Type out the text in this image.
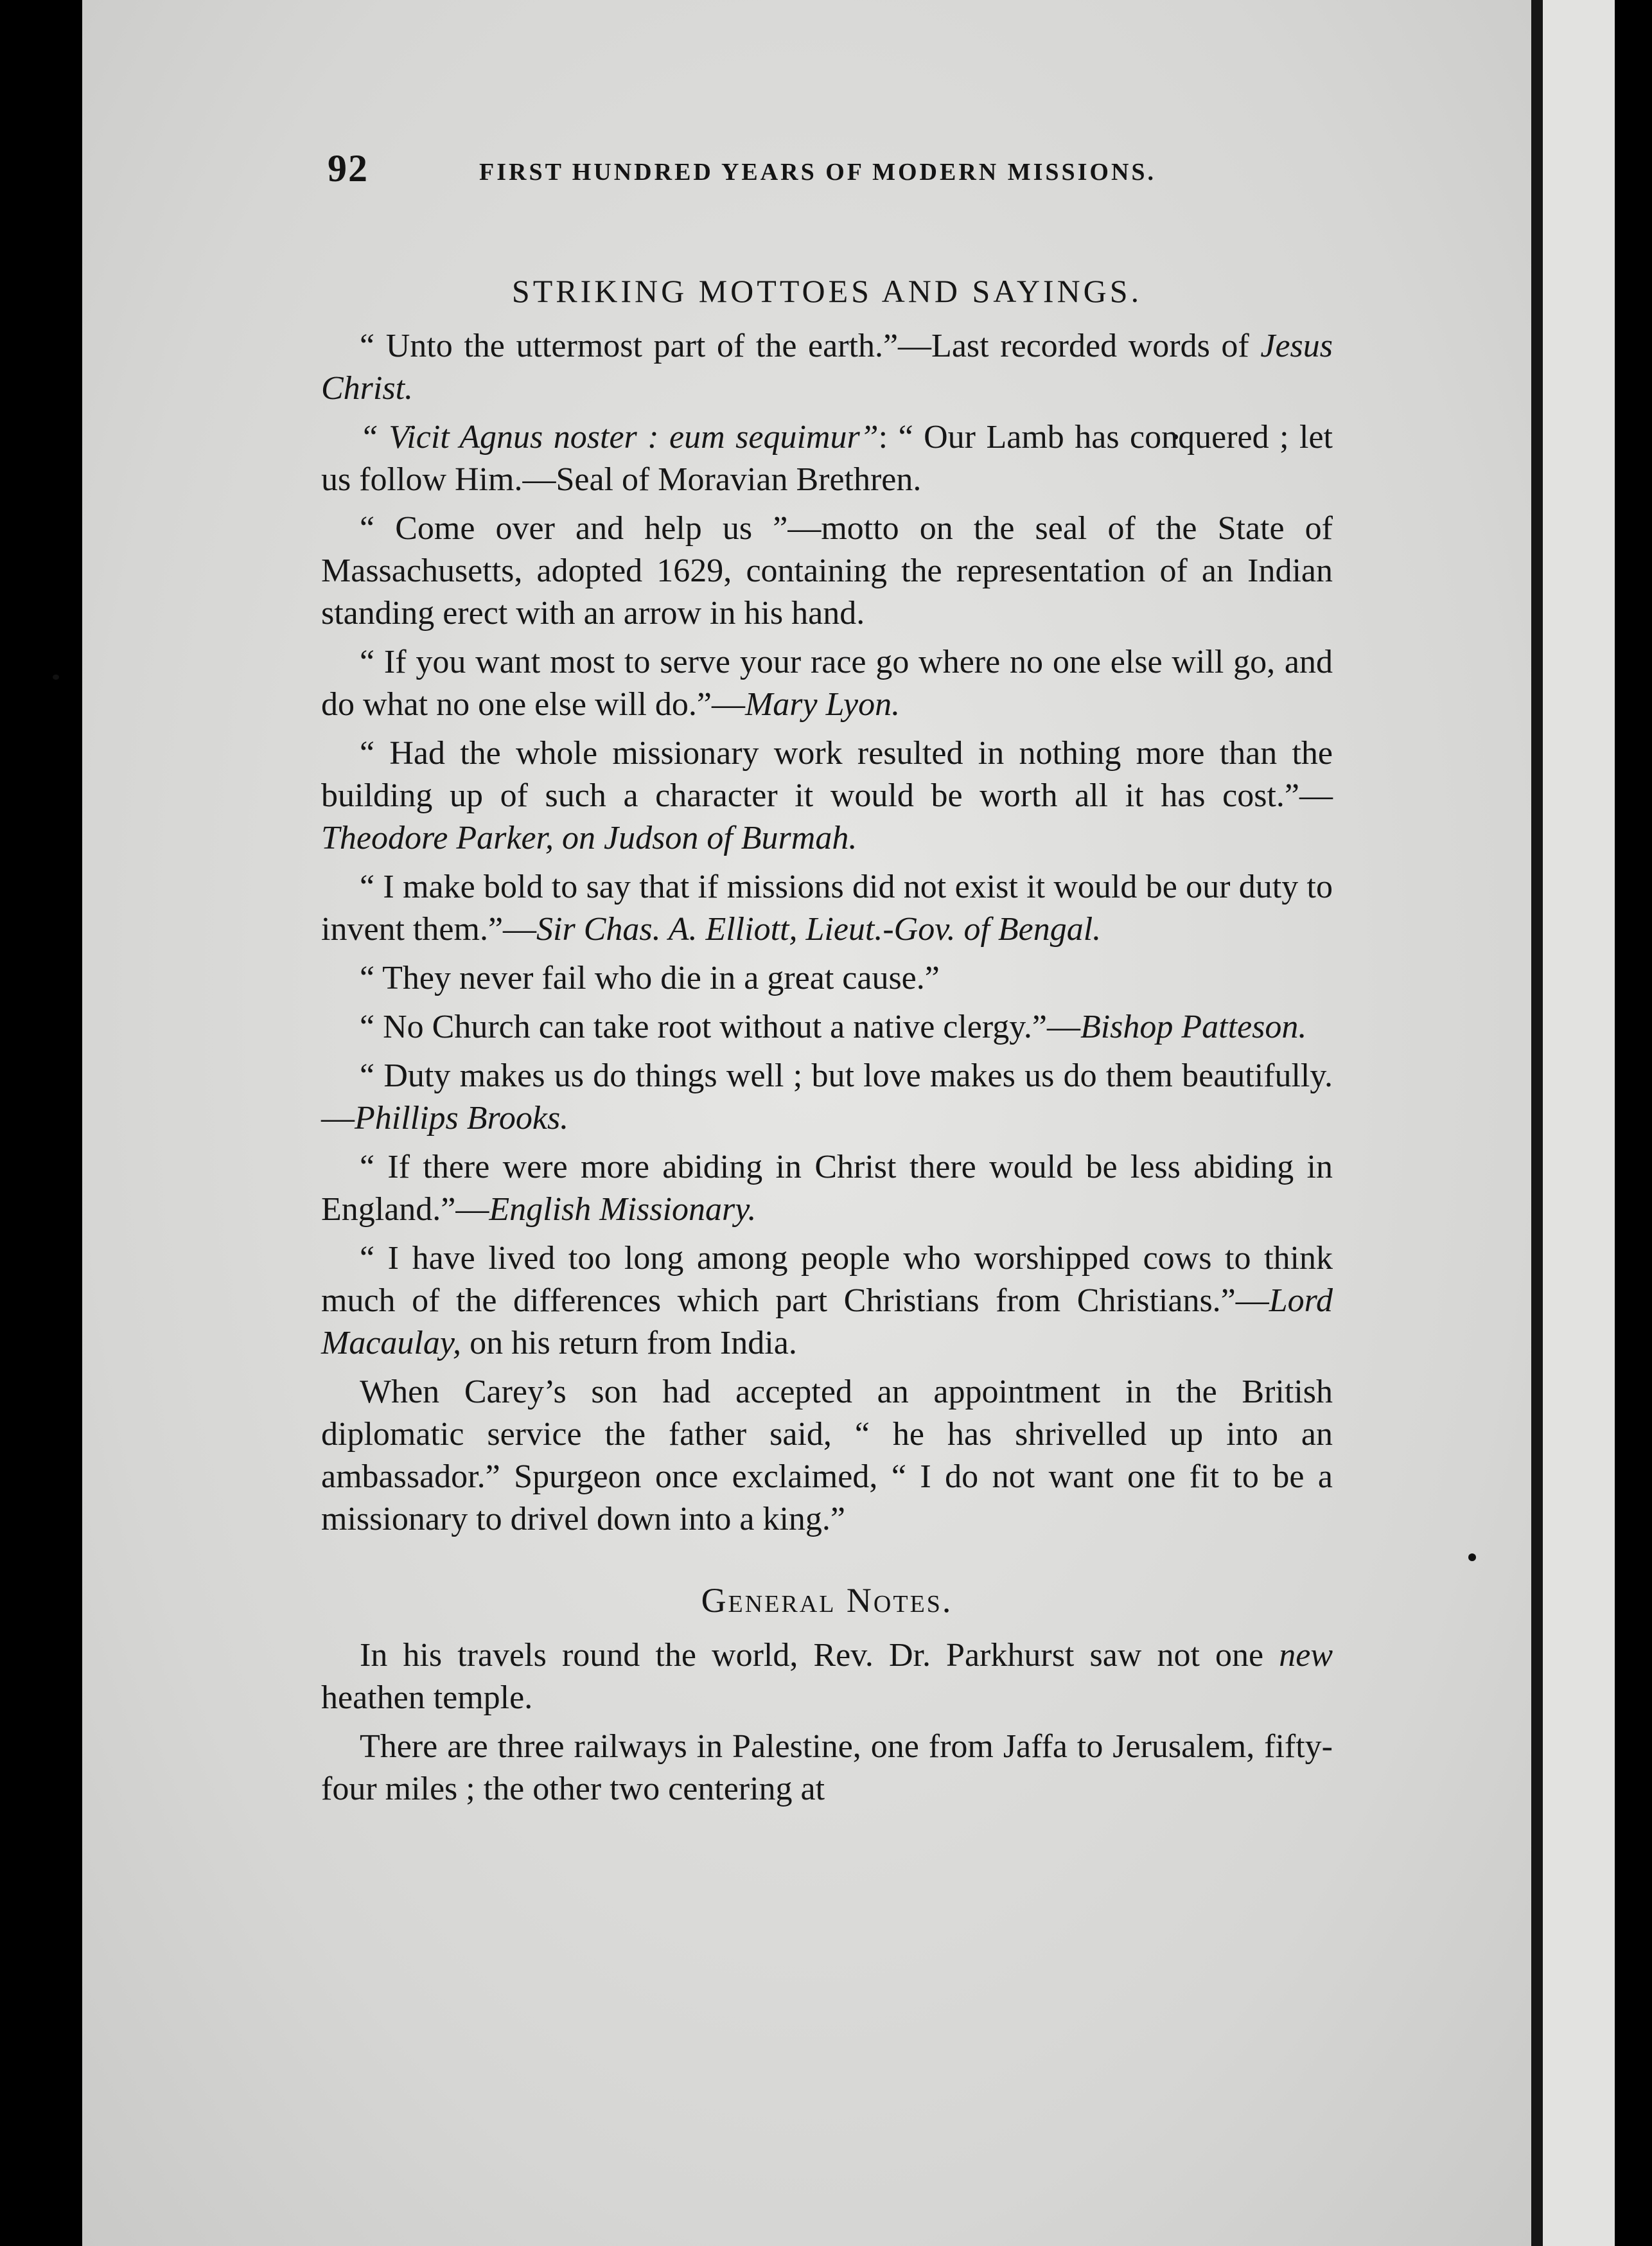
92	FIRST HUNDRED YEARS OF MODERN MISSIONS.
STRIKING MOTTOES AND SAYINGS.

“ Unto the uttermost part of the earth.”—Last recorded words of Jesus Christ.

“ Vicit Agnus noster : eum sequimur”: “ Our Lamb has conquered ; let us follow Him.—Seal of Moravian Brethren.

“ Come over and help us ”—motto on the seal of the State of Massachusetts, adopted 1629, containing the representation of an Indian standing erect with an arrow in his hand.

“ If you want most to serve your race go where no one else will go, and do what no one else will do.”—Mary Lyon.

“ Had the whole missionary work resulted in nothing more than the building up of such a character it would be worth all it has cost.”—Theodore Parker, on Judson of Burmah.

“ I make bold to say that if missions did not exist it would be our duty to invent them.”—Sir Chas. A. Elliott, Lieut.-Gov. of Bengal.

“ They never fail who die in a great cause.”

“ No Church can take root without a native clergy.”—Bishop Patteson.

“ Duty makes us do things well ; but love makes us do them beautifully.—Phillips Brooks.

“ If there were more abiding in Christ there would be less abiding in England.”—English Missionary.

“ I have lived too long among people who worshipped cows to think much of the differences which part Christians from Christians.”—Lord Macaulay, on his return from India.

When Carey’s son had accepted an appointment in the British diplomatic service the father said, “ he has shrivelled up into an ambassador.” Spurgeon once exclaimed, “ I do not want one fit to be a missionary to drivel down into a king.”

General Notes.

In his travels round the world, Rev. Dr. Parkhurst saw not one new heathen temple.

There are three railways in Palestine, one from Jaffa to Jerusalem, fifty-four miles ; the other two centering at
